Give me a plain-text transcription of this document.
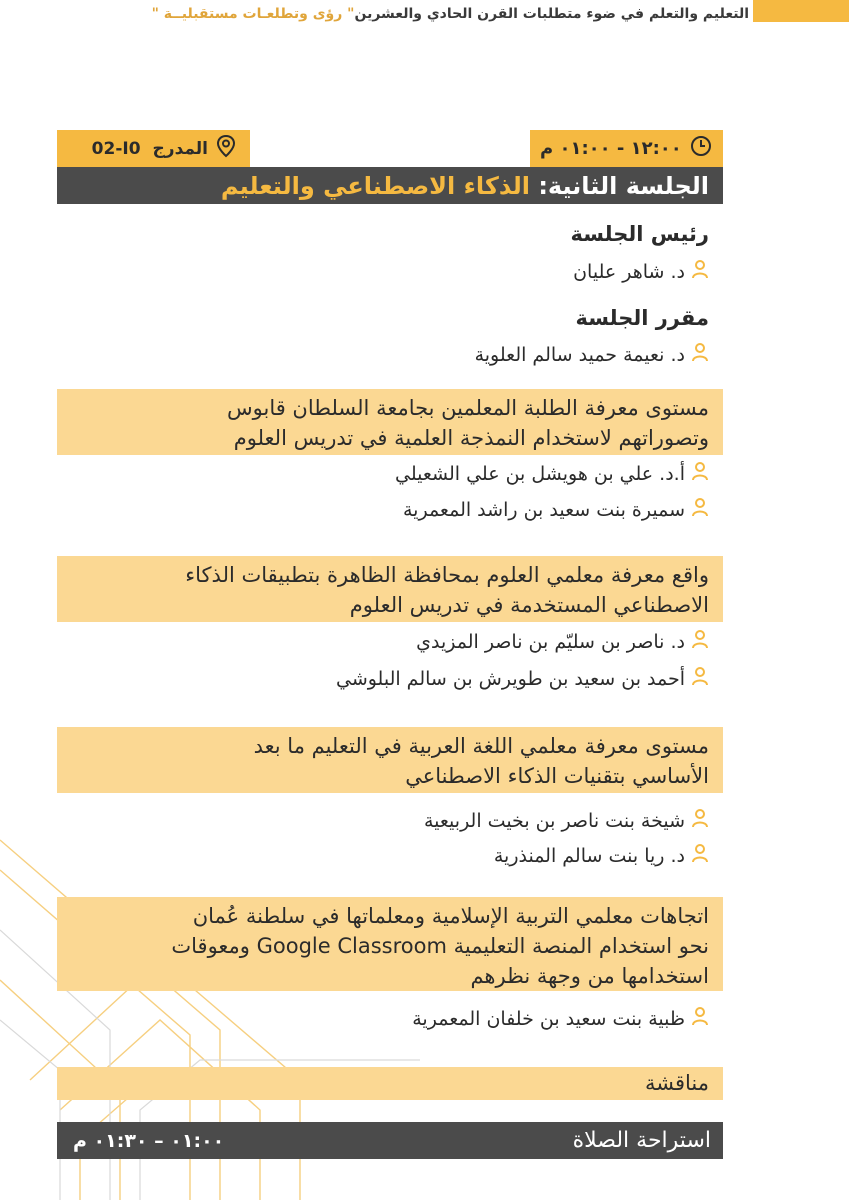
التعليم والتعلم في ضوء متطلبات القرن الحادي والعشرين" رؤى وتطلعـات مستقبليــة "
١٢:٠٠ - ٠١:٠٠ م
المدرج
02-I0
الجلسة الثانية:

الذكاء الاصطناعي والتعليم
رئيس الجلسة
د. شاهر عليان
مقرر الجلسة
د. نعيمة حميد سالم العلوية
مستوى معرفة الطلبة المعلمين بجامعة السلطان قابوس
وتصوراتهم لاستخدام النمذجة العلمية في تدريس العلوم
أ.د. علي بن هويشل بن علي الشعيلي
سميرة بنت سعيد بن راشد المعمرية
واقع معرفة معلمي العلوم بمحافظة الظاهرة بتطبيقات الذكاء
الاصطناعي المستخدمة في تدريس العلوم
د. ناصر بن سليّم بن ناصر المزيدي
أحمد بن سعيد بن طويرش بن سالم البلوشي
مستوى معرفة معلمي اللغة العربية في التعليم ما بعد
الأساسي بتقنيات الذكاء الاصطناعي
شيخة بنت ناصر بن بخيت الربيعية
د. ريا بنت سالم المنذرية
اتجاهات معلمي التربية الإسلامية ومعلماتها في سلطنة عُمان
نحو استخدام المنصة التعليمية Google Classroom ومعوقات
استخدامها من وجهة نظرهم
ظبية بنت سعيد بن خلفان المعمرية
مناقشة
استراحة الصلاة
٠١:٠٠ – ٠١:٣٠ م
